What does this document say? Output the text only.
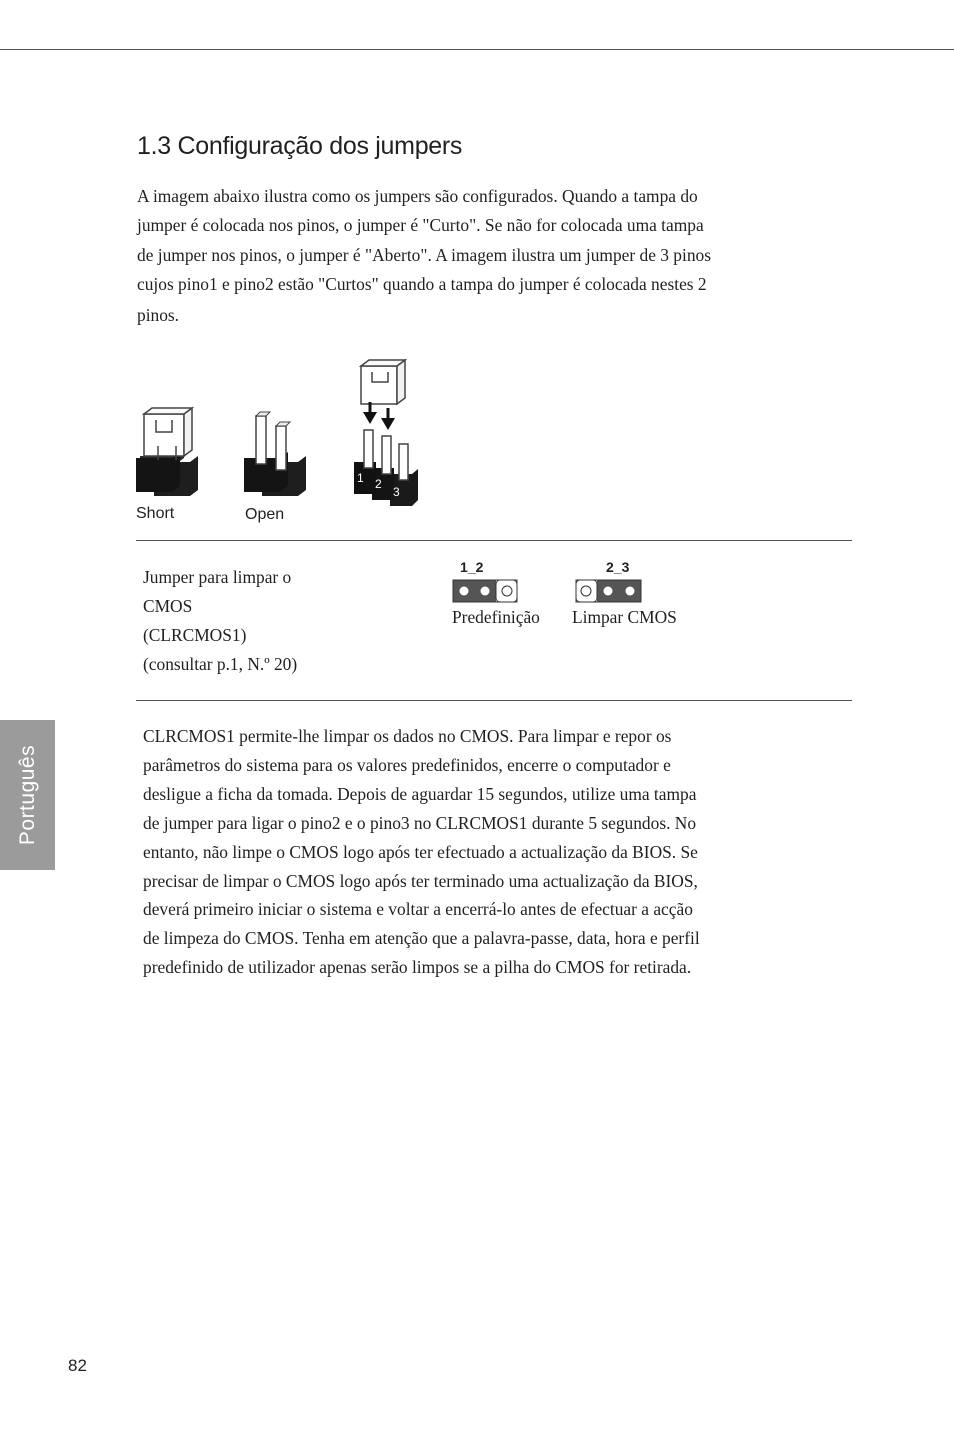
1.3 Configuração dos jumpers

A imagem abaixo ilustra como os jumpers são configurados. Quando a tampa do
jumper é colocada nos pinos, o jumper é "Curto". Se não for colocada uma tampa
de jumper nos pinos, o jumper é "Aberto". A imagem ilustra um jumper de 3 pinos
cujos pino1 e pino2 estão "Curtos" quando a tampa do jumper é colocada nestes 2

pinos.

1 2
3
Short	Open

Jumper para limpar o
CMOS
(CLRCMOS1)
(consultar p.1, N.º 20)

1_2
Predefinição
2_3
Limpar CMOS

CLRCMOS1 permite-lhe limpar os dados no CMOS. Para limpar e repor os
parâmetros do sistema para os valores predefinidos, encerre o computador e
desligue a ficha da tomada. Depois de aguardar 15 segundos, utilize uma tampa
de jumper para ligar o pino2 e o pino3 no CLRCMOS1 durante 5 segundos. No
entanto, não limpe o CMOS logo após ter efectuado a actualização da BIOS. Se
precisar de limpar o CMOS logo após ter terminado uma actualização da BIOS,
deverá primeiro iniciar o sistema e voltar a encerrá-lo antes de efectuar a acção
de limpeza do CMOS. Tenha em atenção que a palavra-passe, data, hora e perfil
predefinido de utilizador apenas serão limpos se a pilha do CMOS for retirada.

Português
82
